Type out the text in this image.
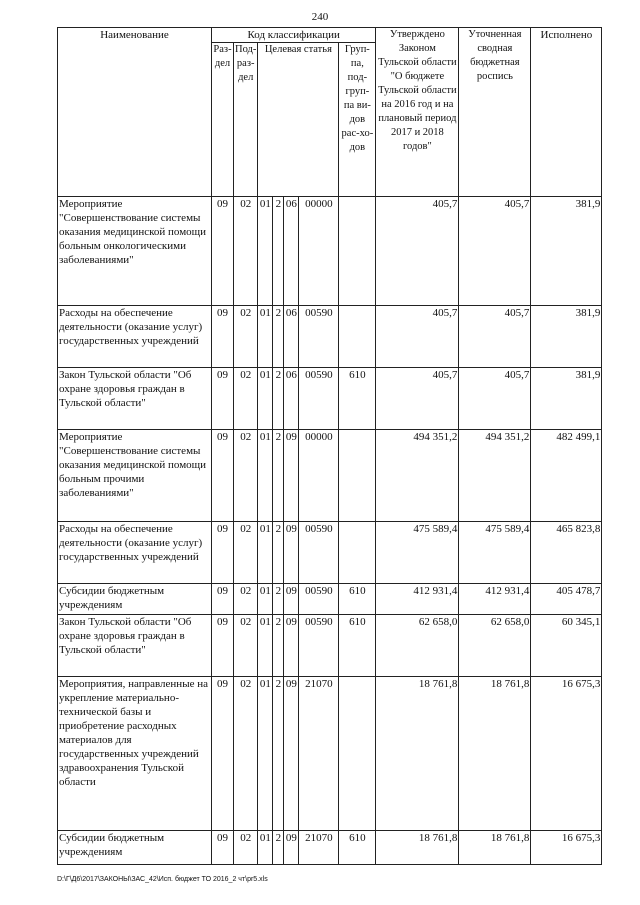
240
Наименование	Код классификации							Утверждено Законом Тульской области "О бюджете Тульской области на 2016 год и на плановый период 2017 и 2018 годов"	Уточненная сводная бюджетная роспись	Исполнено
	Раз-дел	Под-раз-дел	Целевая статья				Груп-па, под-груп-па ви-дов рас-хо-дов			
Мероприятие "Совершенствование системы оказания медицинской помощи больным онкологическими заболеваниями"	09	02	01	2	06	00000		405,7	405,7	381,9
Расходы на обеспечение деятельности (оказание услуг) государственных учреждений	09	02	01	2	06	00590		405,7	405,7	381,9
Закон Тульской области "Об охране здоровья граждан в Тульской области"	09	02	01	2	06	00590	610	405,7	405,7	381,9
Мероприятие "Совершенствование системы оказания медицинской помощи больным прочими заболеваниями"	09	02	01	2	09	00000		494 351,2	494 351,2	482 499,1
Расходы на обеспечение деятельности (оказание услуг) государственных учреждений	09	02	01	2	09	00590		475 589,4	475 589,4	465 823,8
Субсидии бюджетным учреждениям	09	02	01	2	09	00590	610	412 931,4	412 931,4	405 478,7
Закон Тульской области "Об охране здоровья граждан в Тульской области"	09	02	01	2	09	00590	610	62 658,0	62 658,0	60 345,1
Мероприятия, направленные на укрепление материально-технической базы и приобретение расходных материалов для государственных учреждений здравоохранения Тульской области	09	02	01	2	09	21070		18 761,8	18 761,8	16 675,3
Субсидии бюджетным учреждениям	09	02	01	2	09	21070	610	18 761,8	18 761,8	16 675,3
D:\Г\Д6\2017\ЗАКОНЫ\ЗАС_42\Исп. бюджет ТО 2016_2 чт\pr5.xls
